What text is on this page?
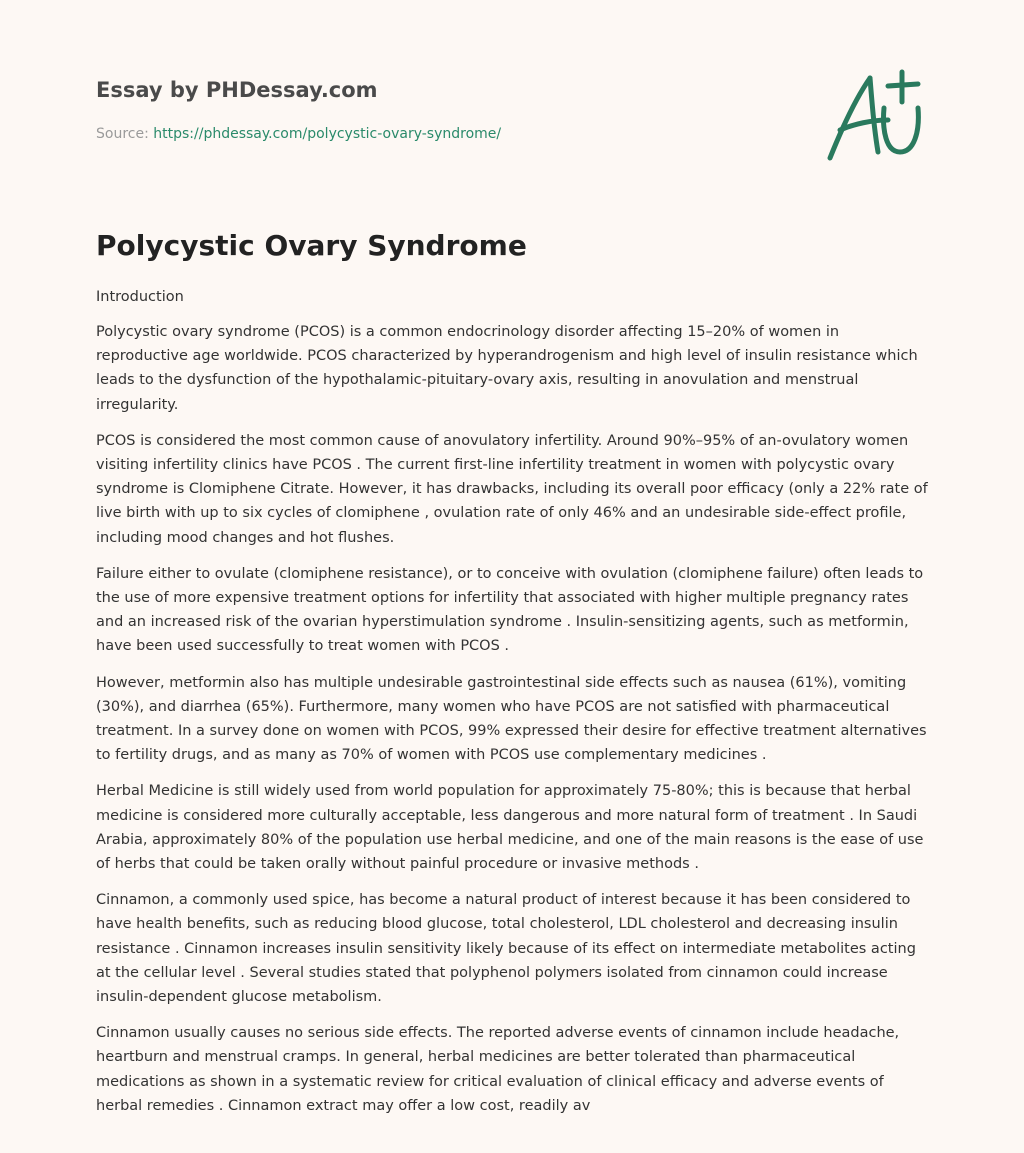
Essay by PHDessay.com
Source: https://phdessay.com/polycystic-ovary-syndrome/
Polycystic Ovary Syndrome
Introduction

Polycystic ovary syndrome (PCOS) is a common endocrinology disorder affecting 15–20% of women in reproductive age worldwide. PCOS characterized by hyperandrogenism and high level of insulin resistance which leads to the dysfunction of the hypothalamic-pituitary-ovary axis, resulting in anovulation and menstrual irregularity.

PCOS is considered the most common cause of anovulatory infertility. Around 90%–95% of an-ovulatory women visiting infertility clinics have PCOS . The current first-line infertility treatment in women with polycystic ovary syndrome is Clomiphene Citrate. However, it has drawbacks, including its overall poor efficacy (only a 22% rate of live birth with up to six cycles of clomiphene , ovulation rate of only 46% and an undesirable side-effect profile, including mood changes and hot flushes.

Failure either to ovulate (clomiphene resistance), or to conceive with ovulation (clomiphene failure) often leads to the use of more expensive treatment options for infertility that associated with higher multiple pregnancy rates and an increased risk of the ovarian hyperstimulation syndrome . Insulin-sensitizing agents, such as metformin, have been used successfully to treat women with PCOS .

However, metformin also has multiple undesirable gastrointestinal side effects such as nausea (61%), vomiting (30%), and diarrhea (65%). Furthermore, many women who have PCOS are not satisfied with pharmaceutical treatment. In a survey done on women with PCOS, 99% expressed their desire for effective treatment alternatives to fertility drugs, and as many as 70% of women with PCOS use complementary medicines .

Herbal Medicine is still widely used from world population for approximately 75-80%; this is because that herbal medicine is considered more culturally acceptable, less dangerous and more natural form of treatment . In Saudi Arabia, approximately 80% of the population use herbal medicine, and one of the main reasons is the ease of use of herbs that could be taken orally without painful procedure or invasive methods .

Cinnamon, a commonly used spice, has become a natural product of interest because it has been considered to have health benefits, such as reducing blood glucose, total cholesterol, LDL cholesterol and decreasing insulin resistance . Cinnamon increases insulin sensitivity likely because of its effect on intermediate metabolites acting at the cellular level . Several studies stated that polyphenol polymers isolated from cinnamon could increase insulin-dependent glucose metabolism.

Cinnamon usually causes no serious side effects. The reported adverse events of cinnamon include headache, heartburn and menstrual cramps. In general, herbal medicines are better tolerated than pharmaceutical medications as shown in a systematic review for critical evaluation of clinical efficacy and adverse events of herbal remedies . Cinnamon extract may offer a low cost, readily av
